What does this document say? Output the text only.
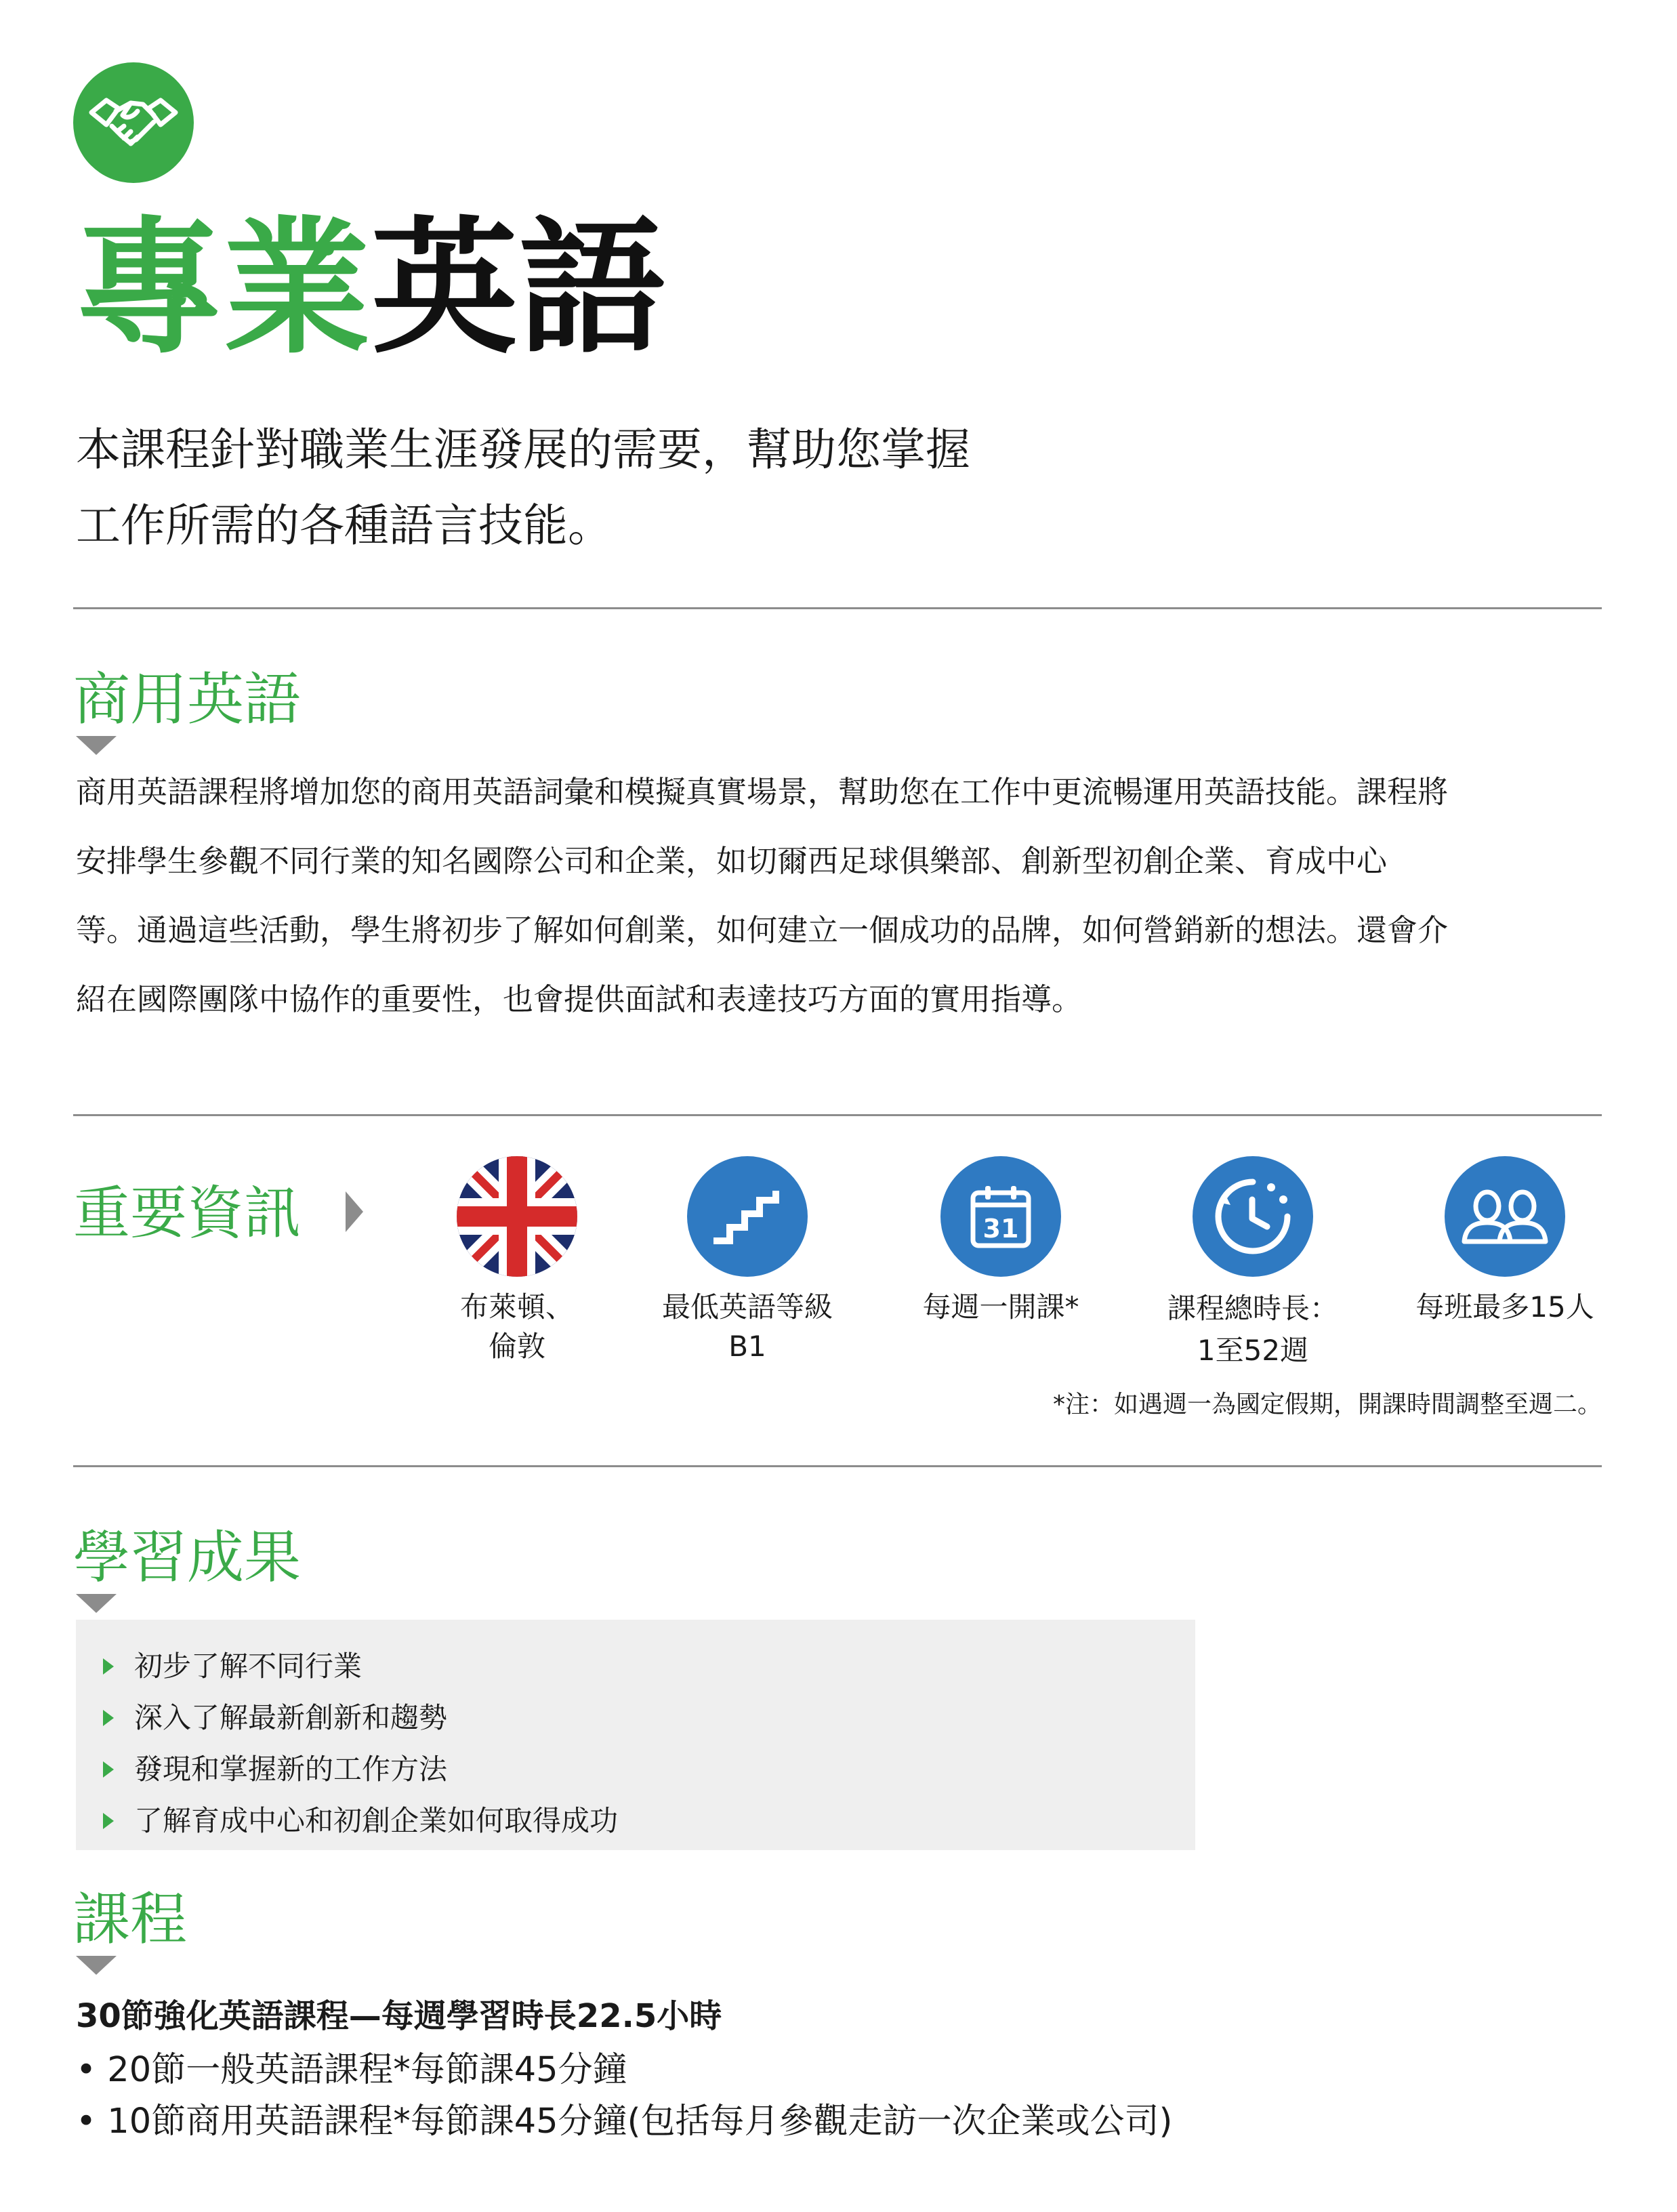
專業英語
本課程針對職業生涯發展的需要，幫助您掌握
工作所需的各種語言技能。
商用英語
商用英語課程將增加您的商用英語詞彙和模擬真實場景，幫助您在工作中更流暢運用英語技能。課程將
安排學生參觀不同行業的知名國際公司和企業，如切爾西足球俱樂部、創新型初創企業、育成中心
等。通過這些活動，學生將初步了解如何創業，如何建立一個成功的品牌，如何營銷新的想法。還會介
紹在國際團隊中協作的重要性，也會提供面試和表達技巧方面的實用指導。
重要資訊	31
布萊頓、
倫敦
最低英語等級
B1
每週一開課*	課程總時長：
1至52週
每班最多15人
*注：如遇週一為國定假期，開課時間調整至週二。
學習成果
初步了解不同行業
深入了解最新創新和趨勢
發現和掌握新的工作方法
了解育成中心和初創企業如何取得成功
課程
30節強化英語課程—每週學習時長22.5小時
• 20節一般英語課程*每節課45分鐘
• 10節商用英語課程*每節課45分鐘(包括每月參觀走訪一次企業或公司)
